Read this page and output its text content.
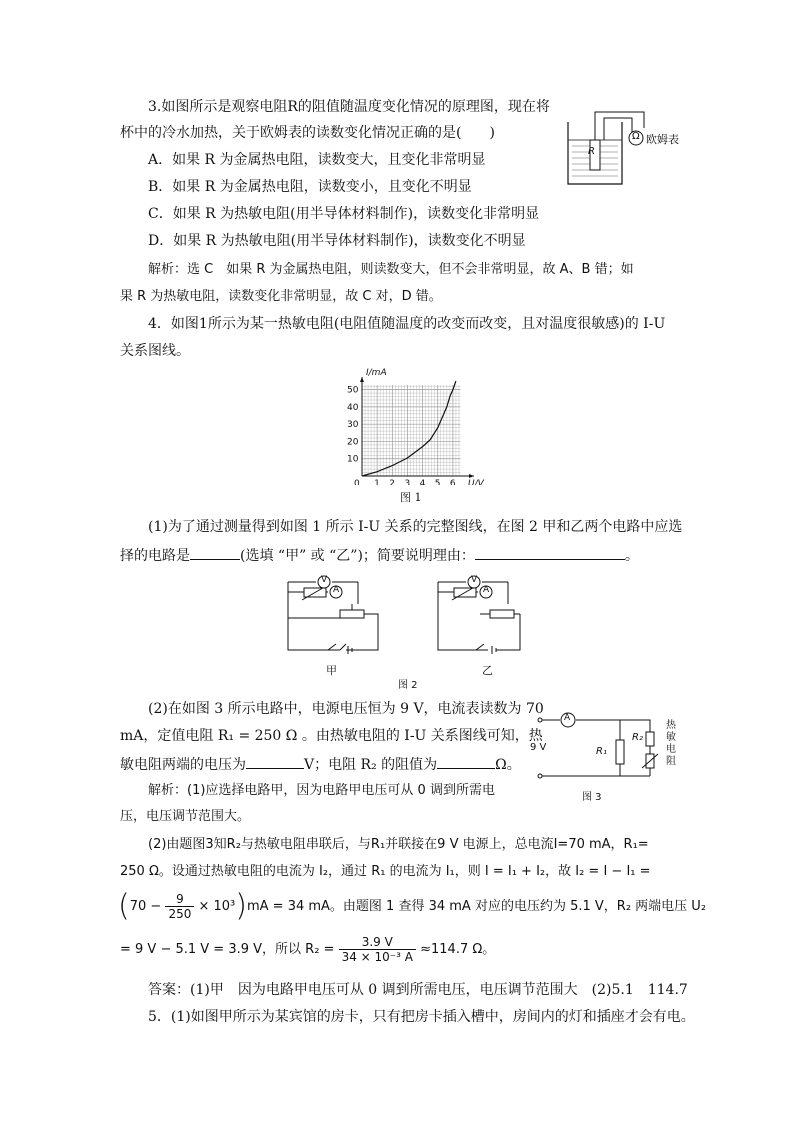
3.如图所示是观察电阻R的阻值随温度变化情况的原理图，现在将
杯中的冷水加热，关于欧姆表的读数变化情况正确的是(　　)
A．如果 R 为金属热电阻，读数变大，且变化非常明显
B．如果 R 为金属热电阻，读数变小，且变化不明显
C．如果 R 为热敏电阻(用半导体材料制作)，读数变化非常明显
D．如果 R 为热敏电阻(用半导体材料制作)，读数变化不明显
R
Ω 欧姆表
解析：选 C　如果 R 为金属热电阻，则读数变大，但不会非常明显，故 A、B 错；如
果 R 为热敏电阻，读数变化非常明显，故 C 对，D 错。
4．如图1所示为某一热敏电阻(电阻值随温度的改变而改变，且对温度很敏感)的 I-U
关系图线。
0 1 2 3 4 5 6
10
20
30
40
50
U/V
I/mA
图 1
(1)为了通过测量得到如图 1 所示 I-U 关系的完整图线，在图 2 甲和乙两个电路中应选
择的电路是	(选填 “甲” 或 “乙”)；简要说明理由：	。
V
A
V
A
甲	乙
图 2
(2)在如图 3 所示电路中，电源电压恒为 9 V，电流表读数为 70
mA，定值电阻 R₁ = 250 Ω 。由热敏电阻的 I-U 关系图线可知，热
敏电阻两端的电压为	V；电阻 R₂ 的阻值为	Ω。
A
9 V	R₁
R₂
热敏电阻
图 3
解析：(1)应选择电路甲，因为电路甲电压可从 0 调到所需电
压，电压调节范围大。
(2)由题图3知R₂与热敏电阻串联后，与R₁并联接在9 V 电源上，总电流I=70 mA，R₁=
250 Ω。设通过热敏电阻的电流为 I₂，通过 R₁ 的电流为 I₁，则 I = I₁ + I₂，故 I₂ = I − I₁ =
$(70 - \frac{9}{250} \times 10^3)mA = 34$ mA。由题图 1 查得 34 mA 对应的电压约为 5.1 V，R₂ 两端电压 U₂
= 9 V − 5.1 V = 3.9 V，所以 $R_2 = \frac{3.9 V}{\text{34 × 10⁻³ A}} \approx 114.7$ Ω。
答案：(1)甲　因为电路甲电压可从 0 调到所需电压，电压调节范围大　(2)5.1　114.7
5．(1)如图甲所示为某宾馆的房卡，只有把房卡插入槽中，房间内的灯和插座才会有电。
